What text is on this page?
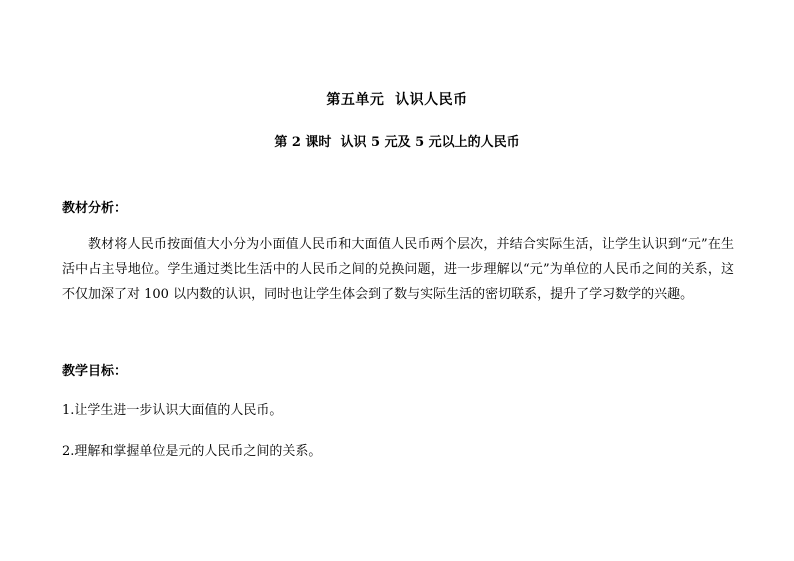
第五单元  认识人民币
第 2 课时  认识 5 元及 5 元以上的人民币
教材分析：
教材将人民币按面值大小分为小面值人民币和大面值人民币两个层次，并结合实际生活，让学生认识到“元”在生活中占主导地位。学生通过类比生活中的人民币之间的兑换问题，进一步理解以“元”为单位的人民币之间的关系，这不仅加深了对 100 以内数的认识，同时也让学生体会到了数与实际生活的密切联系，提升了学习数学的兴趣。
教学目标：
1.让学生进一步认识大面值的人民币。
2.理解和掌握单位是元的人民币之间的关系。
